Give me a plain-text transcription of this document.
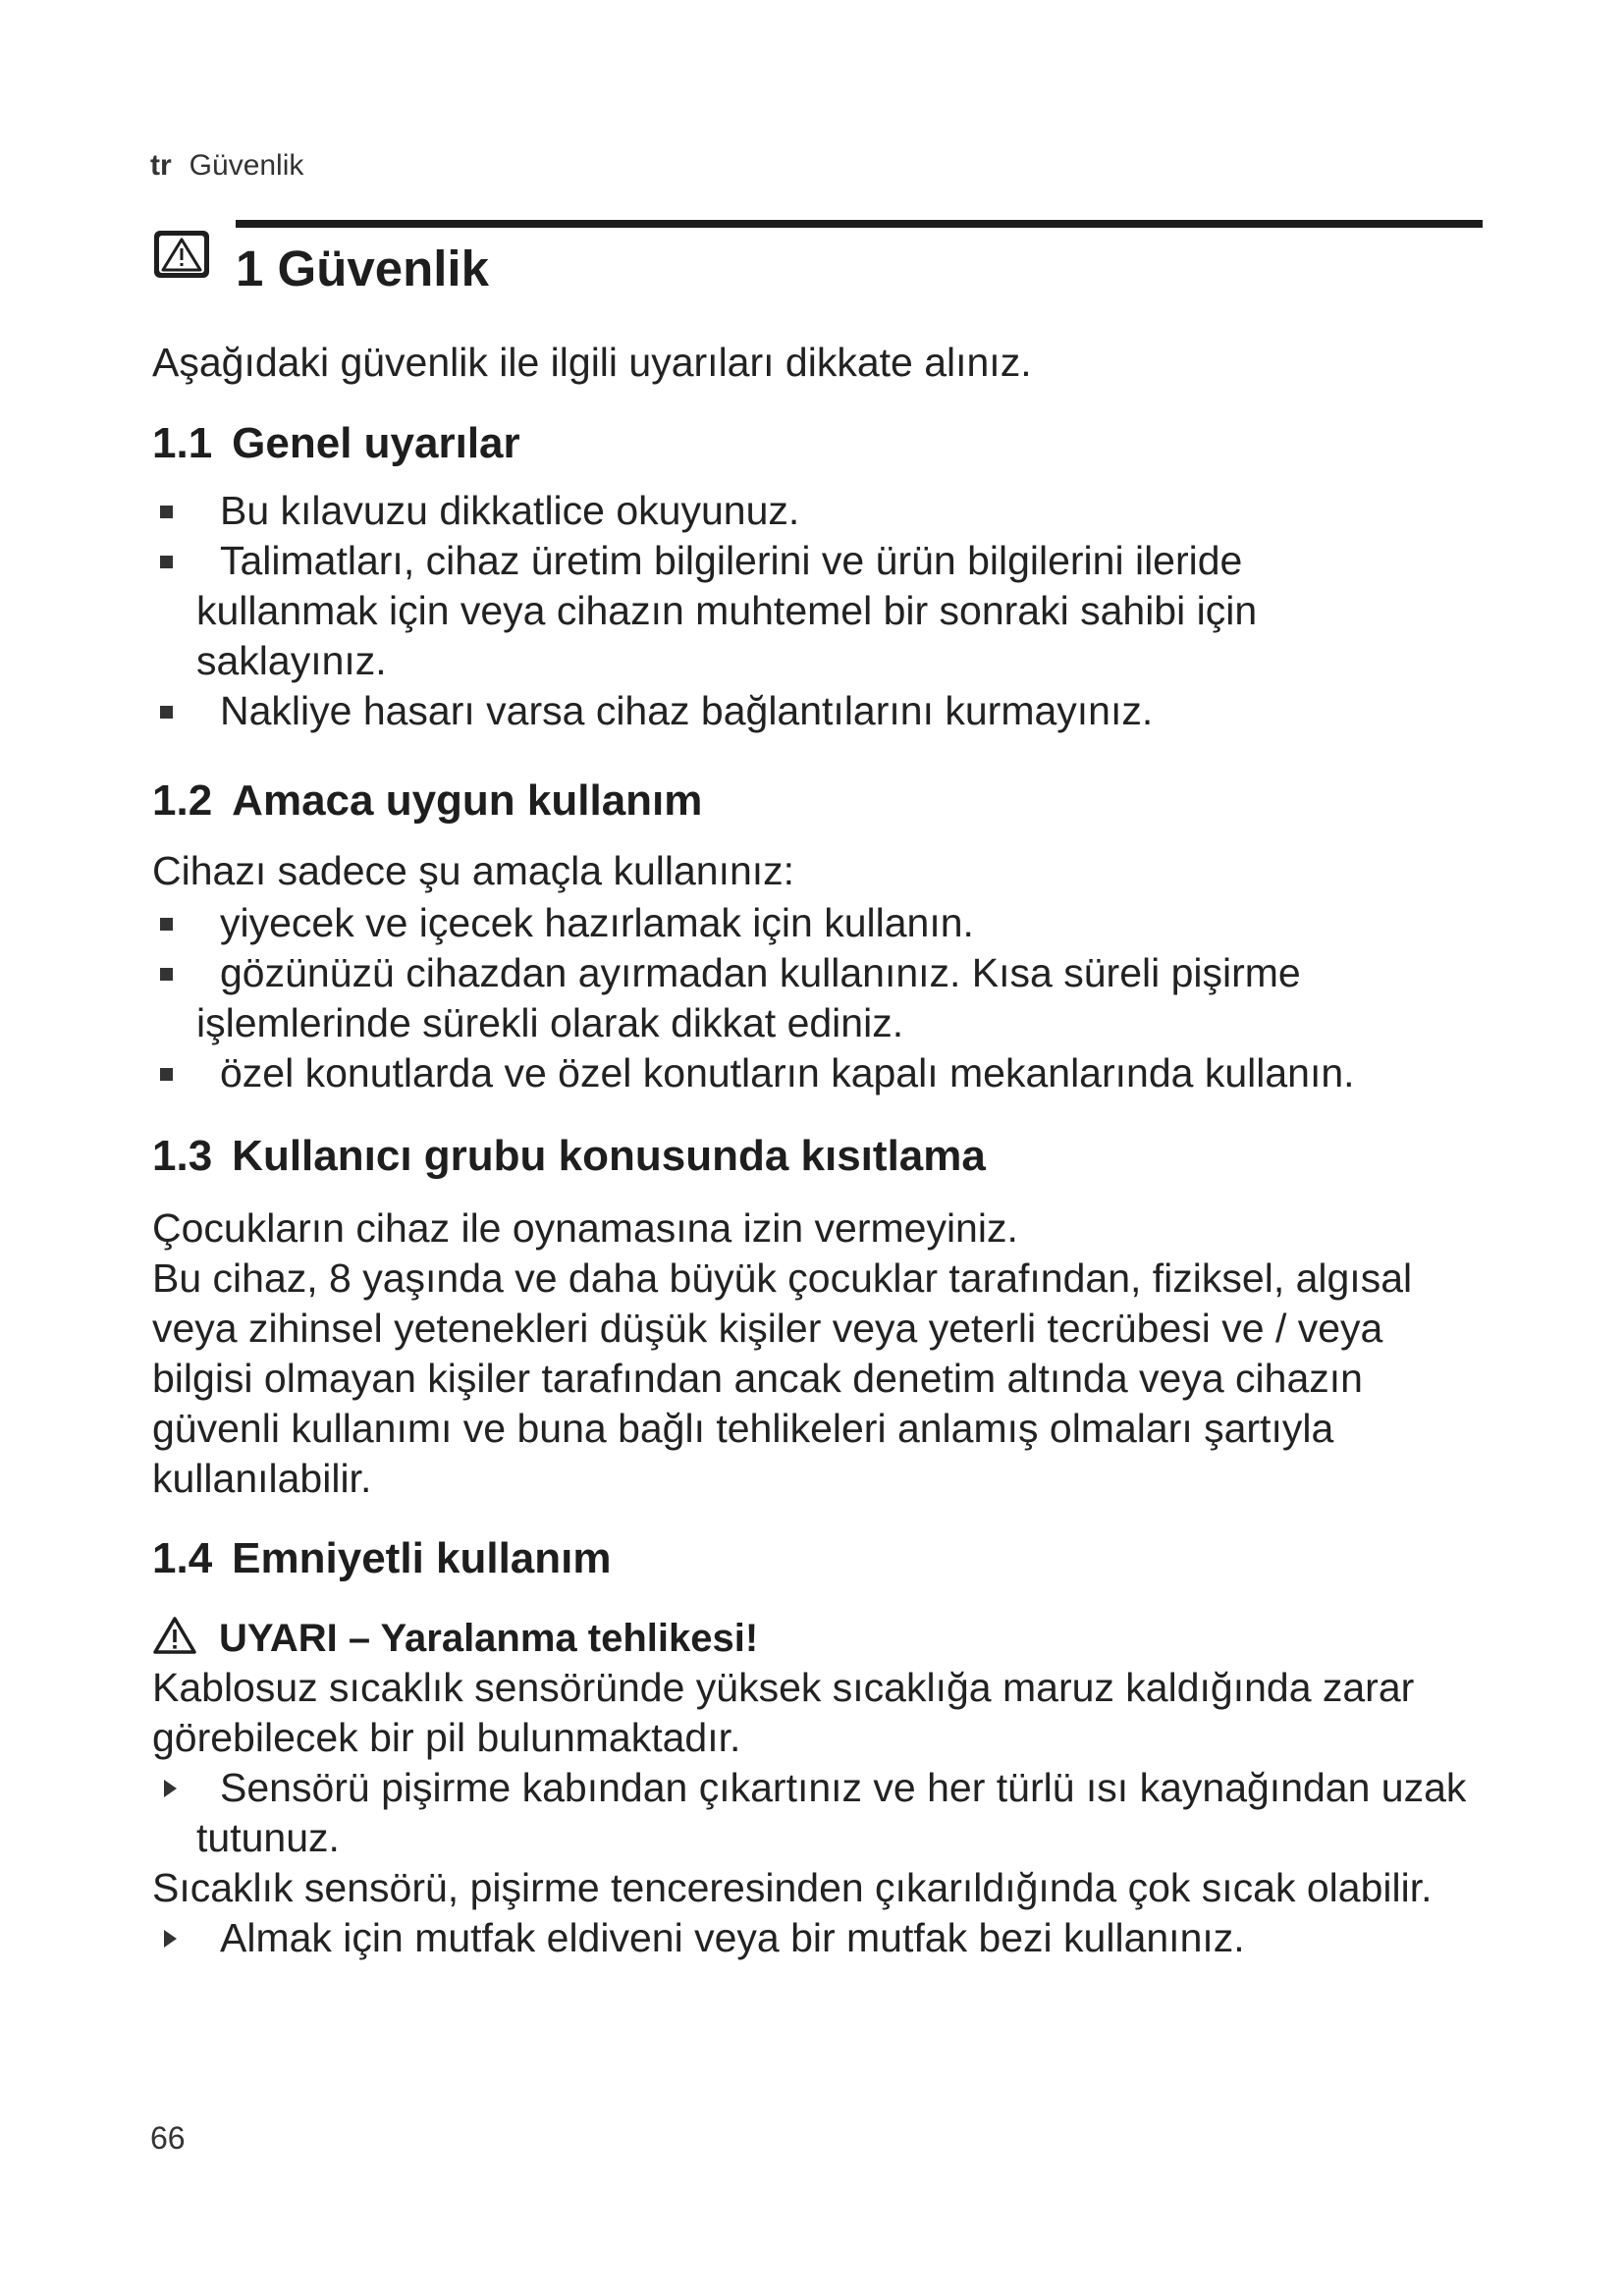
tr Güvenlik
1 Güvenlik

Aşağıdaki güvenlik ile ilgili uyarıları dikkate alınız.

1.1 Genel uyarılar
Bu kılavuzu dikkatlice okuyunuz.
Talimatları, cihaz üretim bilgilerini ve ürün bilgilerini ileride kullanmak için veya cihazın muhtemel bir sonraki sahibi için saklayınız.
Nakliye hasarı varsa cihaz bağlantılarını kurmayınız.
1.2 Amaca uygun kullanım

Cihazı sadece şu amaçla kullanınız:

yiyecek ve içecek hazırlamak için kullanın.
gözünüzü cihazdan ayırmadan kullanınız. Kısa süreli pişirme işlemlerinde sürekli olarak dikkat ediniz.
özel konutlarda ve özel konutların kapalı mekanlarında kullanın.
1.3 Kullanıcı grubu konusunda kısıtlama

Çocukların cihaz ile oynamasına izin vermeyiniz.

Bu cihaz, 8 yaşında ve daha büyük çocuklar tarafından, fiziksel, algısal veya zihinsel yetenekleri düşük kişiler veya yeterli tecrübesi ve / veya bilgisi olmayan kişiler tarafından ancak denetim altında veya cihazın güvenli kullanımı ve buna bağlı tehlikeleri anlamış olmaları şartıyla kullanılabilir.

1.4 Emniyetli kullanım
UYARI – Yaralanma tehlikesi!

Kablosuz sıcaklık sensöründe yüksek sıcaklığa maruz kaldığında zarar görebilecek bir pil bulunmaktadır.

Sensörü pişirme kabından çıkartınız ve her türlü ısı kaynağından uzak tutunuz.

Sıcaklık sensörü, pişirme tenceresinden çıkarıldığında çok sıcak olabilir.

Almak için mutfak eldiveni veya bir mutfak bezi kullanınız.
66
